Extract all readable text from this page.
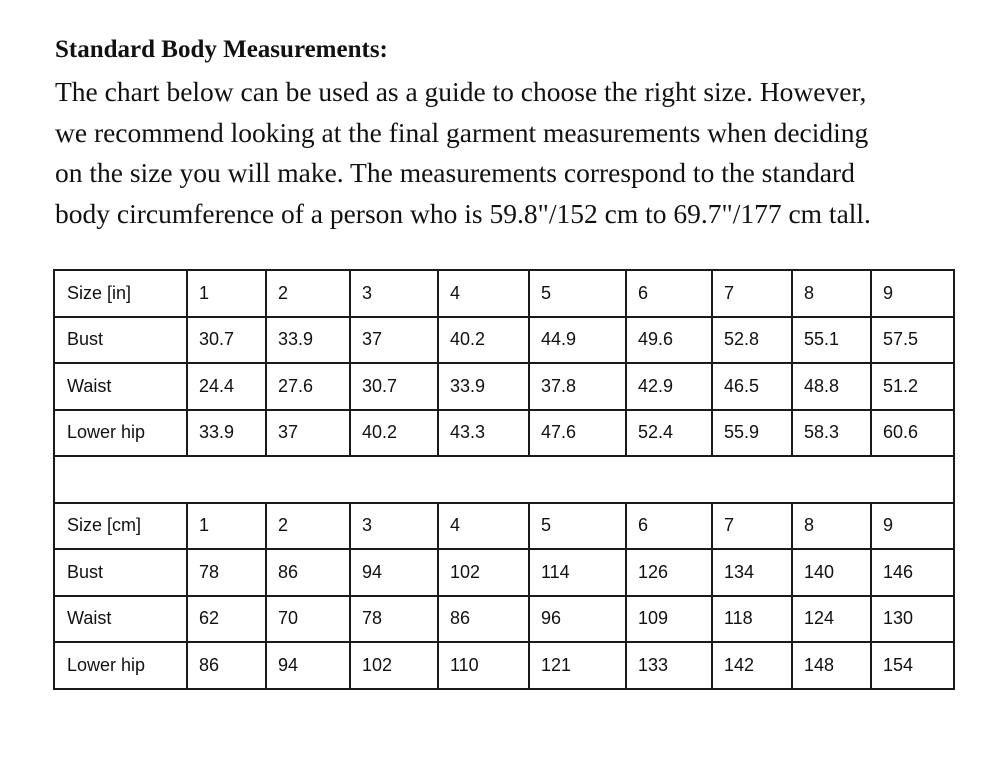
Standard Body Measurements:

The chart below can be used as a guide to choose the right size. However,
we recommend looking at the final garment measurements when deciding
on the size you will make. The measurements correspond to the standard
body circumference of a person who is 59.8"/152 cm to 69.7"/177 cm tall.

Size [in]	1	2	3	4	5	6	7	8	9
Bust	30.7	33.9	37	40.2	44.9	49.6	52.8	55.1	57.5
Waist	24.4	27.6	30.7	33.9	37.8	42.9	46.5	48.8	51.2
Lower hip	33.9	37	40.2	43.3	47.6	52.4	55.9	58.3	60.6

Size [cm]	1	2	3	4	5	6	7	8	9
Bust	78	86	94	102	114	126	134	140	146
Waist	62	70	78	86	96	109	118	124	130
Lower hip	86	94	102	110	121	133	142	148	154
